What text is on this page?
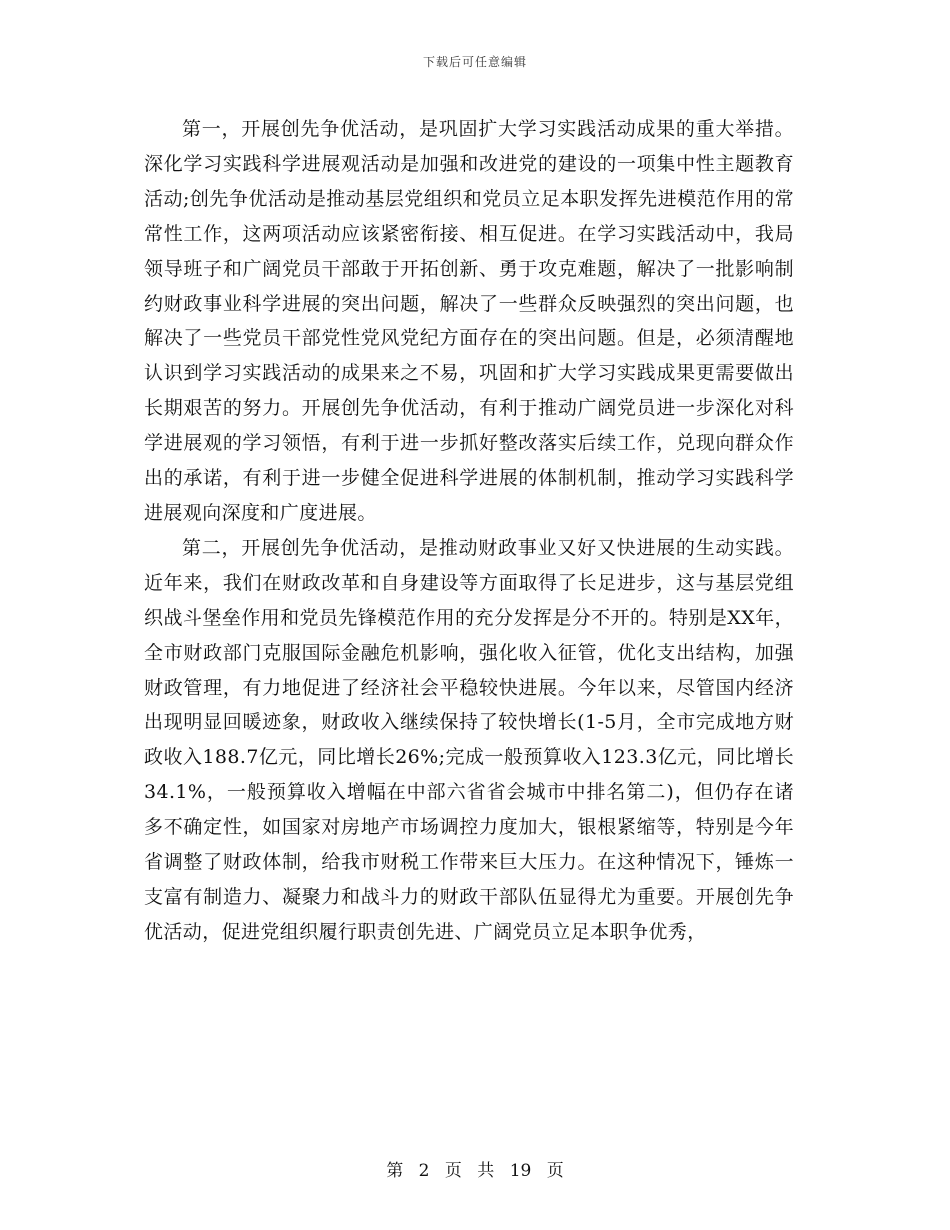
下载后可任意编辑

第一，开展创先争优活动，是巩固扩大学习实践活动成果的重大举措。深化学习实践科学进展观活动是加强和改进党的建设的一项集中性主题教育活动;创先争优活动是推动基层党组织和党员立足本职发挥先进模范作用的常常性工作，这两项活动应该紧密衔接、相互促进。在学习实践活动中，我局领导班子和广阔党员干部敢于开拓创新、勇于攻克难题，解决了一批影响制约财政事业科学进展的突出问题，解决了一些群众反映强烈的突出问题，也解决了一些党员干部党性党风党纪方面存在的突出问题。但是，必须清醒地认识到学习实践活动的成果来之不易，巩固和扩大学习实践成果更需要做出长期艰苦的努力。开展创先争优活动，有利于推动广阔党员进一步深化对科学进展观的学习领悟，有利于进一步抓好整改落实后续工作，兑现向群众作出的承诺，有利于进一步健全促进科学进展的体制机制，推动学习实践科学进展观向深度和广度进展。

第二，开展创先争优活动，是推动财政事业又好又快进展的生动实践。近年来，我们在财政改革和自身建设等方面取得了长足进步，这与基层党组织战斗堡垒作用和党员先锋模范作用的充分发挥是分不开的。特别是XX年，全市财政部门克服国际金融危机影响，强化收入征管，优化支出结构，加强财政管理，有力地促进了经济社会平稳较快进展。今年以来，尽管国内经济出现明显回暖迹象，财政收入继续保持了较快增长(1-5月，全市完成地方财政收入188.7亿元，同比增长26%;完成一般预算收入123.3亿元，同比增长34.1%，一般预算收入增幅在中部六省省会城市中排名第二)，但仍存在诸多不确定性，如国家对房地产市场调控力度加大，银根紧缩等，特别是今年省调整了财政体制，给我市财税工作带来巨大压力。在这种情况下，锤炼一支富有制造力、凝聚力和战斗力的财政干部队伍显得尤为重要。开展创先争优活动，促进党组织履行职责创先进、广阔党员立足本职争优秀，

第 2 页 共 19 页
